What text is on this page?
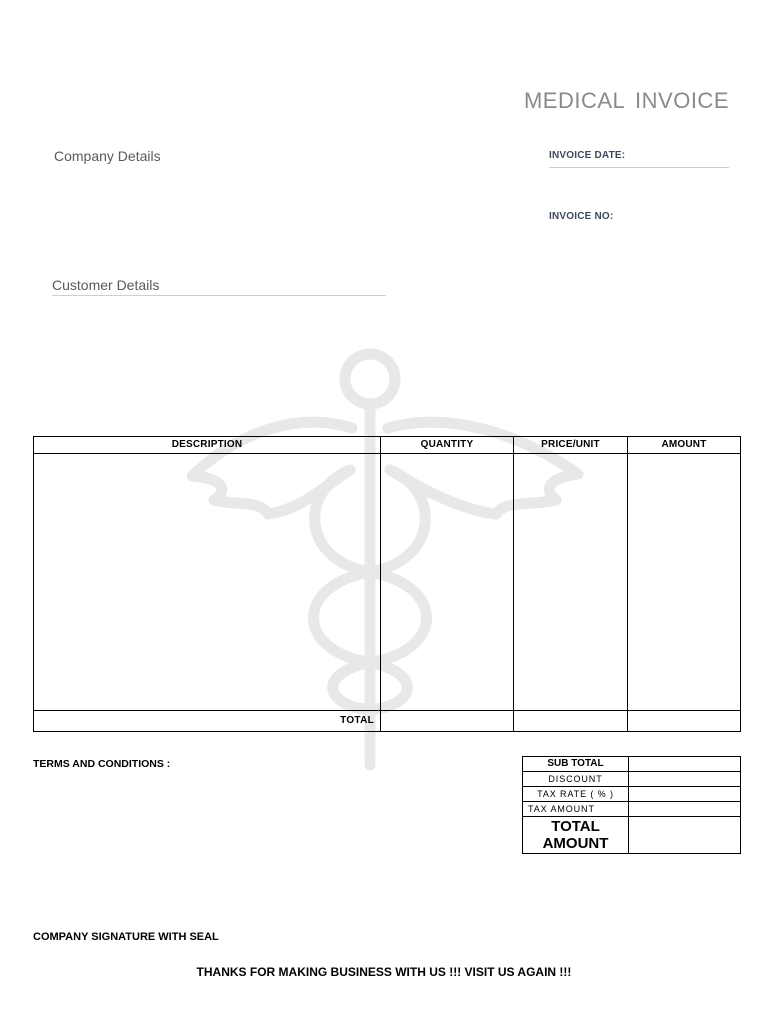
MEDICAL INVOICE
Company Details	INVOICE DATE:
INVOICE NO:
Customer Details
DESCRIPTION	QUANTITY	PRICE/UNIT	AMOUNT

TOTAL			
TERMS AND CONDITIONS :	SUB TOTAL	
DISCOUNT	
TAX RATE ( % )	
TAX AMOUNT	
TOTAL AMOUNT	
COMPANY SIGNATURE WITH SEAL
THANKS FOR MAKING BUSINESS WITH US !!! VISIT US AGAIN !!!
